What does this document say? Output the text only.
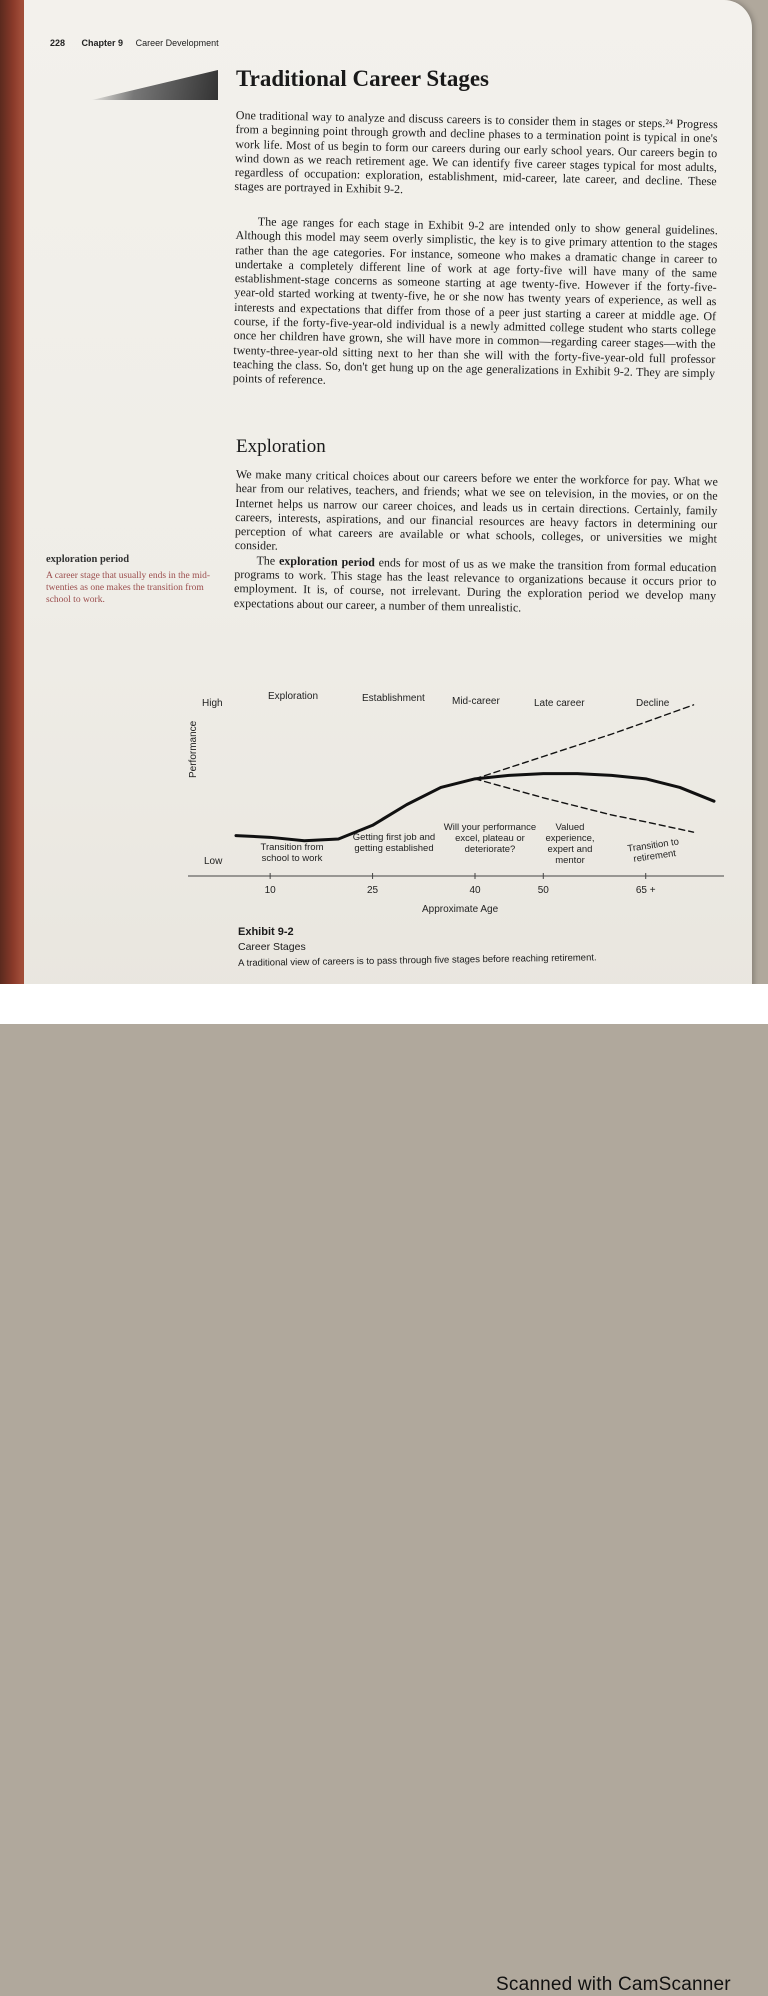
228 Chapter 9 Career Development
Traditional Career Stages

One traditional way to analyze and discuss careers is to consider them in stages or steps.²⁴ Progress from a beginning point through growth and decline phases to a termination point is typical in one's work life. Most of us begin to form our careers during our early school years. Our careers begin to wind down as we reach retirement age. We can identify five career stages typical for most adults, regardless of occupation: exploration, establishment, mid-career, late career, and decline. These stages are portrayed in Exhibit 9-2.

The age ranges for each stage in Exhibit 9-2 are intended only to show general guidelines. Although this model may seem overly simplistic, the key is to give primary attention to the stages rather than the age categories. For instance, someone who makes a dramatic change in career to undertake a completely different line of work at age forty-five will have many of the same establishment-stage concerns as someone starting at age twenty-five. However if the forty-five-year-old started working at twenty-five, he or she now has twenty years of experience, as well as interests and expectations that differ from those of a peer just starting a career at middle age. Of course, if the forty-five-year-old individual is a newly admitted college student who starts college once her children have grown, she will have more in common—regarding career stages—with the twenty-three-year-old sitting next to her than she will with the forty-five-year-old full professor teaching the class. So, don't get hung up on the age generalizations in Exhibit 9-2. They are simply points of reference.

Exploration

We make many critical choices about our careers before we enter the workforce for pay. What we hear from our relatives, teachers, and friends; what we see on television, in the movies, or on the Internet helps us narrow our career choices, and leads us in certain directions. Certainly, family careers, interests, aspirations, and our financial resources are heavy factors in determining our perception of what careers are available or what schools, colleges, or universities we might consider.

The exploration period ends for most of us as we make the transition from formal education programs to work. This stage has the least relevance to organizations because it occurs prior to employment. It is, of course, not irrelevant. During the exploration period we develop many expectations about our career, a number of them unrealistic.

exploration period
A career stage that usually ends in the mid-twenties as one makes the transition from school to work.
10	25	40	50	65 +
High
Low
Performance
Exploration	Establishment	Mid-career	Late career	Decline
Transition from school to work
Getting first job and getting established
Will your performance excel, plateau or deteriorate?
Valued experience, expert and mentor
Transition to retirement
Approximate Age
Exhibit 9-2
Career Stages
A traditional view of careers is to pass through five stages before reaching retirement.
Scanned with CamScanner
